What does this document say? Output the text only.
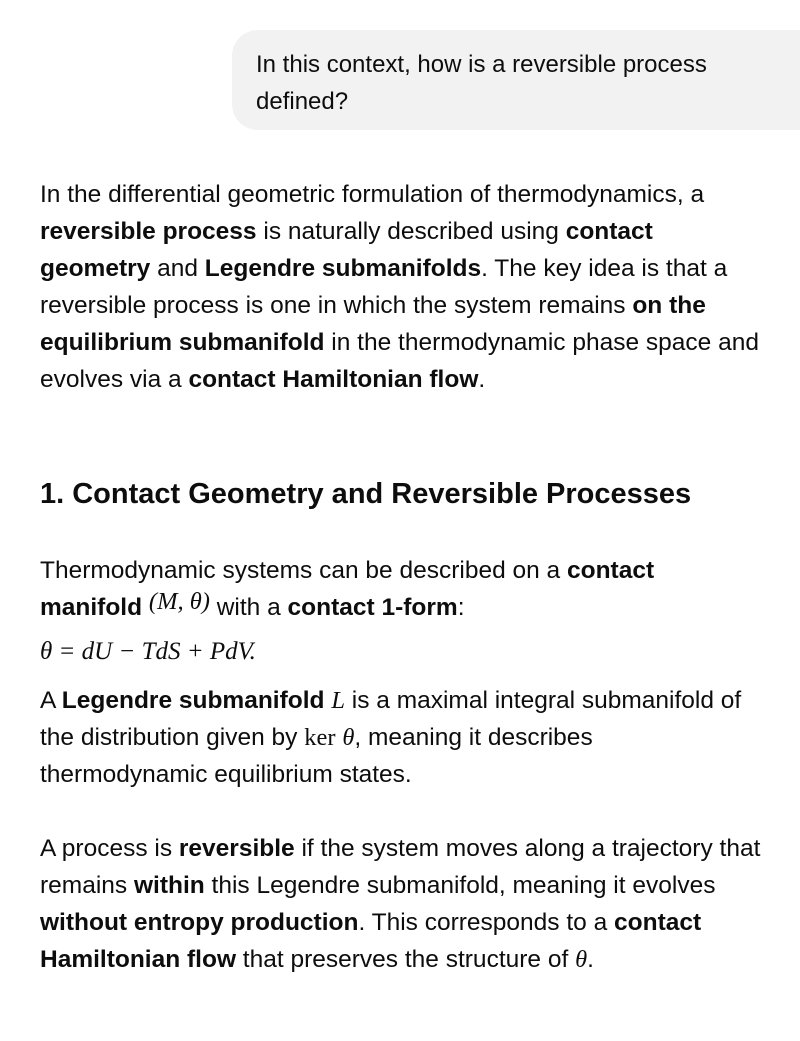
In this context, how is a reversible process defined?

In the differential geometric formulation of thermodynamics, a reversible process is naturally described using contact geometry and Legendre submanifolds. The key idea is that a reversible process is one in which the system remains on the equilibrium submanifold in the thermodynamic phase space and evolves via a contact Hamiltonian flow.

1. Contact Geometry and Reversible Processes

Thermodynamic systems can be described on a contact manifold (M, θ) with a contact 1-form:

θ = dU − TdS + PdV.

A Legendre submanifold L is a maximal integral submanifold of the distribution given by ker θ, meaning it describes thermodynamic equilibrium states.

A process is reversible if the system moves along a trajectory that remains within this Legendre submanifold, meaning it evolves without entropy production. This corresponds to a contact Hamiltonian flow that preserves the structure of θ.
